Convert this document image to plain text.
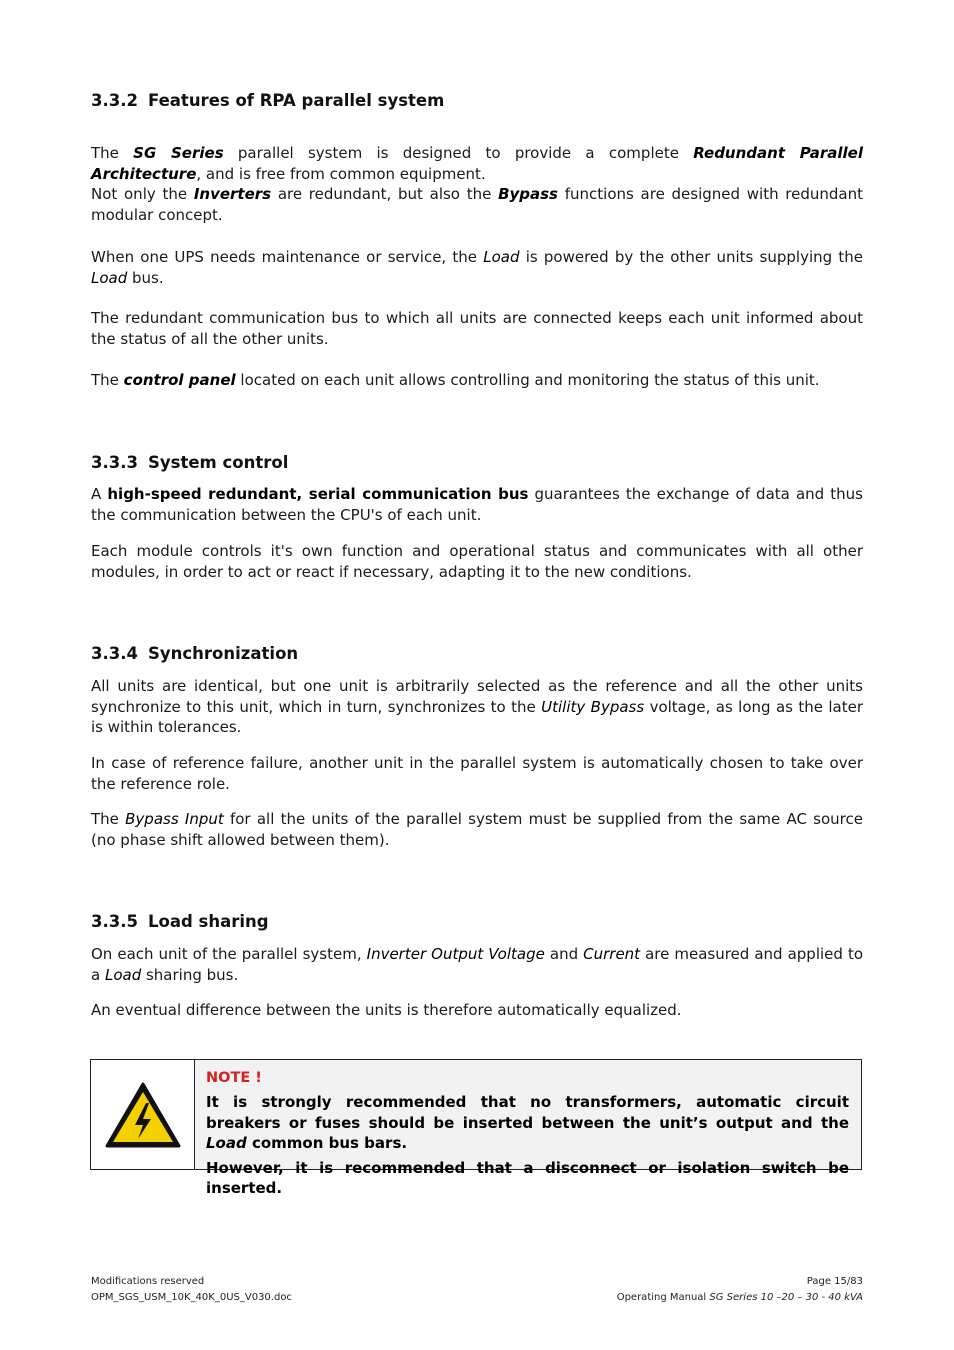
3.3.2 Features of RPA parallel system

The SG Series parallel system is designed to provide a complete Redundant Parallel Architecture, and is free from common equipment.

Not only the Inverters are redundant, but also the Bypass functions are designed with redundant modular concept.

When one UPS needs maintenance or service, the Load is powered by the other units supplying the Load bus.

The redundant communication bus to which all units are connected keeps each unit informed about the status of all the other units.

The control panel located on each unit allows controlling and monitoring the status of this unit.

3.3.3 System control

A high-speed redundant, serial communication bus guarantees the exchange of data and thus the communication between the CPU's of each unit.

Each module controls it's own function and operational status and communicates with all other modules, in order to act or react if necessary, adapting it to the new conditions.

3.3.4 Synchronization

All units are identical, but one unit is arbitrarily selected as the reference and all the other units synchronize to this unit, which in turn, synchronizes to the Utility Bypass voltage, as long as the later is within tolerances.

In case of reference failure, another unit in the parallel system is automatically chosen to take over the reference role.

The Bypass Input for all the units of the parallel system must be supplied from the same AC source (no phase shift allowed between them).

3.3.5 Load sharing

On each unit of the parallel system, Inverter Output Voltage and Current are measured and applied to a Load sharing bus.

An eventual difference between the units is therefore automatically equalized.

NOTE !

It is strongly recommended that no transformers, automatic circuit breakers or fuses should be inserted between the unit’s output and the Load common bus bars.

However, it is recommended that a disconnect or isolation switch be inserted.

Modifications reserved
OPM_SGS_USM_10K_40K_0US_V030.doc
Page 15/83
Operating Manual SG Series 10 –20 – 30 - 40 kVA
